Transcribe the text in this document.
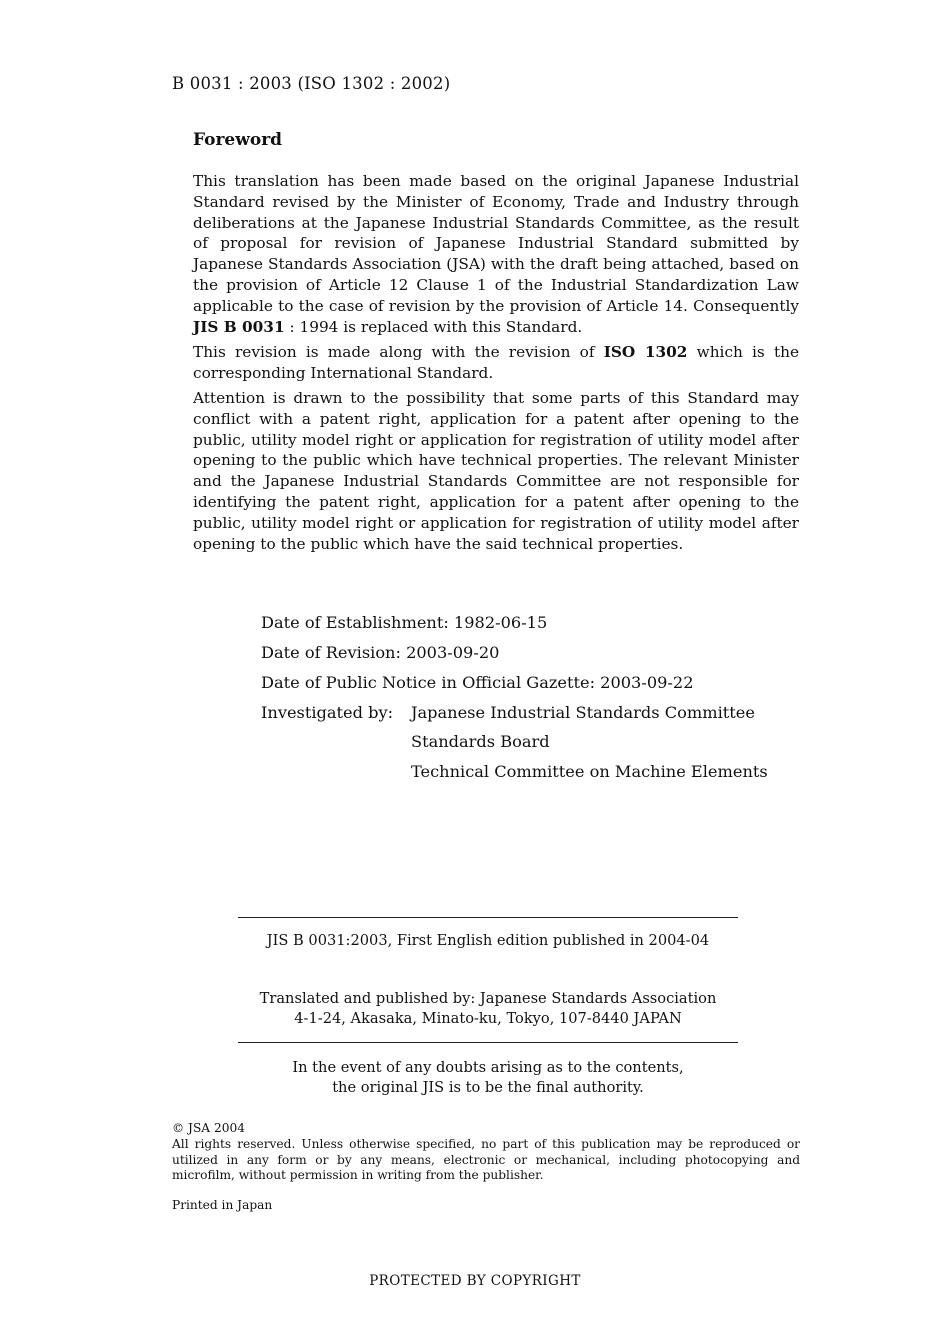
B 0031 : 2003 (ISO 1302 : 2002)
Foreword
This translation has been made based on the original Japanese Industrial Standard revised by the Minister of Economy, Trade and Industry through deliberations at the Japanese Industrial Standards Committee, as the result of proposal for revision of Japanese Industrial Standard submitted by Japanese Standards Association (JSA) with the draft being attached, based on the provision of Article 12 Clause 1 of the Industrial Standardization Law applicable to the case of revision by the provision of Article 14. Consequently JIS B 0031 : 1994 is replaced with this Standard.
This revision is made along with the revision of ISO 1302 which is the corresponding International Standard.
Attention is drawn to the possibility that some parts of this Standard may conflict with a patent right, application for a patent after opening to the public, utility model right or application for registration of utility model after opening to the public which have technical properties. The relevant Minister and the Japanese Industrial Standards Committee are not responsible for identifying the patent right, application for a patent after opening to the public, utility model right or application for registration of utility model after opening to the public which have the said technical properties.
Date of Establishment: 1982-06-15
Date of Revision: 2003-09-20
Date of Public Notice in Official Gazette: 2003-09-22
Investigated by: Japanese Industrial Standards Committee
Standards Board
Technical Committee on Machine Elements
JIS B 0031:2003, First English edition published in 2004-04
Translated and published by: Japanese Standards Association
4-1-24, Akasaka, Minato-ku, Tokyo, 107-8440 JAPAN
In the event of any doubts arising as to the contents,
the original JIS is to be the final authority.
© JSA 2004
All rights reserved. Unless otherwise specified, no part of this publication may be reproduced or utilized in any form or by any means, electronic or mechanical, including photocopying and microfilm, without permission in writing from the publisher.
Printed in Japan
PROTECTED BY COPYRIGHT
